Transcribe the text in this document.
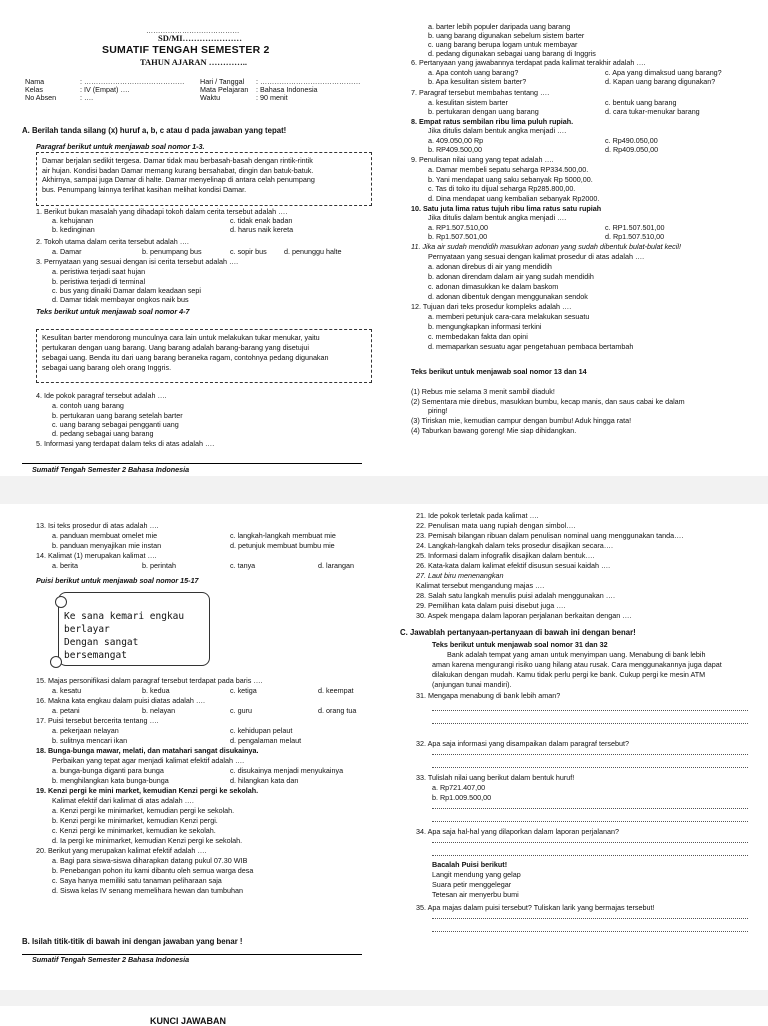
…………………………………
SD/MI…………………
SUMATIF TENGAH SEMESTER 2
TAHUN AJARAN …………..
Nama	: ……………………………………
Kelas	: IV (Empat) ….
No Absen	: ….
Hari / Tanggal : ……………………………………
Mata Pelajaran : Bahasa Indonesia
Waktu	: 90 menit
A. Berilah tanda silang (x) huruf a, b, c atau d pada jawaban yang tepat!
Paragraf berikut untuk menjawab soal nomor 1-3.
Damar berjalan sedikit tergesa. Damar tidak mau berbasah-basah dengan rintik-rintik
air hujan. Kondisi badan Damar memang kurang bersahabat, dingin dan batuk-batuk.
Akhirnya, sampai juga Damar di halte. Damar menyelinap di antara celah penumpang
bus. Penumpang lainnya terlihat kasihan melihat kondisi Damar.
1. Berikut bukan masalah yang dihadapi tokoh dalam cerita tersebut adalah ….
a. kehujanan	c. tidak enak badan
b. kedinginan	d. harus naik kereta
2. Tokoh utama dalam cerita tersebut adalah ….
a. Damar	b. penumpang bus	c. sopir bus d. penunggu halte
3. Pernyataan yang sesuai dengan isi cerita tersebut adalah ….
a. peristiwa terjadi saat hujan
b. peristiwa terjadi di terminal
c. bus yang dinaiki Damar dalam keadaan sepi
d. Damar tidak membayar ongkos naik bus
Teks berikut untuk menjawab soal nomor 4-7
Kesulitan barter mendorong munculnya cara lain untuk melakukan tukar menukar, yaitu
pertukaran dengan uang barang. Uang barang adalah barang-barang yang disetujui
sebagai uang. Benda itu dari uang barang beraneka ragam, contohnya pedang digunakan
sebagai uang barang oleh orang Inggris.
4. Ide pokok paragraf tersebut adalah ….
a. contoh uang barang
b. pertukaran uang barang setelah barter
c. uang barang sebagai pengganti uang
d. pedang sebagai uang barang
5. Informasi yang terdapat dalam teks di atas adalah ….
Sumatif Tengah Semester 2 Bahasa Indonesia
a. barter lebih populer daripada uang barang
b. uang barang digunakan sebelum sistem barter
c. uang barang berupa logam untuk membayar
d. pedang digunakan sebagai uang barang di Inggris
6. Pertanyaan yang jawabannya terdapat pada kalimat terakhir adalah ….
a. Apa contoh uang barang?	c. Apa yang dimaksud uang barang?
b. Apa kesulitan sistem barter?	d. Kapan uang barang digunakan?
7. Paragraf tersebut membahas tentang ….
a. kesulitan sistem barter	c. bentuk uang barang
b. pertukaran dengan uang barang	d. cara tukar-menukar barang
8. Empat ratus sembilan ribu lima puluh rupiah.
Jika ditulis dalam bentuk angka menjadi ….
a. 409.050,00 Rp	c. Rp490.050,00
b. RP409.500,00	d. Rp409.050,00
9. Penulisan nilai uang yang tepat adalah ….
a. Damar membeli sepatu seharga RP334.500,00.
b. Yani mendapat uang saku sebanyak Rp 5000,00.
c. Tas di toko itu dijual seharga Rp285.800,00.
d. Dina mendapat uang kembalian sebanyak Rp2000.
10. Satu juta lima ratus tujuh ribu lima ratus satu rupiah
Jika ditulis dalam bentuk angka menjadi ….
a. RP1.507.510,00	c. RP1.507.501,00
b. Rp1.507.501,00	d. Rp1.507.510,00
11. Jika air sudah mendidih masukkan adonan yang sudah dibentuk bulat-bulat kecil!
Pernyataan yang sesuai dengan kalimat prosedur di atas adalah ….
a. adonan direbus di air yang mendidih
b. adonan direndam dalam air yang sudah mendidih
c. adonan dimasukkan ke dalam baskom
d. adonan dibentuk dengan menggunakan sendok
12. Tujuan dari teks prosedur kompleks adalah ….
a. memberi petunjuk cara-cara melakukan sesuatu
b. mengungkapkan informasi terkini
c. membedakan fakta dan opini
d. memaparkan sesuatu agar pengetahuan pembaca bertambah
Teks berikut untuk menjawab soal nomor 13 dan 14
(1) Rebus mie selama 3 menit sambil diaduk!
(2) Sementara mie direbus, masukkan bumbu, kecap manis, dan saus cabai ke dalam
piring!
(3) Tiriskan mie, kemudian campur dengan bumbu! Aduk hingga rata!
(4) Taburkan bawang goreng! Mie siap dihidangkan.
13. Isi teks prosedur di atas adalah ….
a. panduan membuat omelet mie	c. langkah-langkah membuat mie
b. panduan menyajikan mie instan	d. petunjuk membuat bumbu mie
14. Kalimat (1) merupakan kalimat ….
a. berita	b. perintah	c. tanya	d. larangan
Puisi berikut untuk menjawab soal nomor 15-17
Ke sana kemari engkau
berlayar
Dengan sangat
bersemangat
15. Majas personifikasi dalam paragraf tersebut terdapat pada baris ….
a. kesatu	b. kedua	c. ketiga	d. keempat
16. Makna kata engkau dalam puisi diatas adalah ….
a. petani	b. nelayan	c. guru	d. orang tua
17. Puisi tersebut bercerita tentang ….
a. pekerjaan nelayan	c. kehidupan pelaut
b. sulitnya mencari ikan	d. pengalaman melaut
18. Bunga-bunga mawar, melati, dan matahari sangat disukainya.
Perbaikan yang tepat agar menjadi kalimat efektif adalah ….
a. bunga-bunga diganti para bunga	c. disukainya menjadi menyukainya
b. menghilangkan kata bunga-bunga	d. hilangkan kata dan
19. Kenzi pergi ke mini market, kemudian Kenzi pergi ke sekolah.
Kalimat efektif dari kalimat di atas adalah ….
a. Kenzi pergi ke minimarket, kemudian pergi ke sekolah.
b. Kenzi pergi ke minimarket, kemudian Kenzi pergi.
c. Kenzi pergi ke minimarket, kemudian ke sekolah.
d. Ia pergi ke minimarket, kemudian Kenzi pergi ke sekolah.
20. Berikut yang merupakan kalimat efektif adalah ….
a. Bagi para siswa-siswa diharapkan datang pukul 07.30 WIB
b. Penebangan pohon itu kami dibantu oleh semua warga desa
c. Saya hanya memiliki satu tanaman peliharaan saja
d. Siswa kelas IV senang memelihara hewan dan tumbuhan
B. Isilah titik-titik di bawah ini dengan jawaban yang benar !
Sumatif Tengah Semester 2 Bahasa Indonesia
21. Ide pokok terletak pada kalimat ….
22. Penulisan mata uang rupiah dengan simbol….
23. Pemisah bilangan ribuan dalam penulisan nominal uang menggunakan tanda….
24. Langkah-langkah dalam teks prosedur disajikan secara….
25. Informasi dalam infografik disajikan dalam bentuk….
26. Kata-kata dalam kalimat efektif disusun sesuai kaidah ….
27. Laut biru menenangkan
Kalimat tersebut mengandung majas ….
28. Salah satu langkah menulis puisi adalah menggunakan ….
29. Pemilihan kata dalam puisi disebut juga ….
30. Aspek mengapa dalam laporan perjalanan berkaitan dengan ….
C. Jawablah pertanyaan-pertanyaan di bawah ini dengan benar!
Teks berikut untuk menjawab soal nomor 31 dan 32
Bank adalah tempat yang aman untuk menyimpan uang. Menabung di bank lebih
aman karena mengurangi risiko uang hilang atau rusak. Cara menggunakannya juga dapat
dilakukan dengan mudah. Kamu tidak perlu pergi ke bank. Cukup pergi ke mesin ATM
(anjungan tunai mandiri).
31. Mengapa menabung di bank lebih aman?
32. Apa saja informasi yang disampaikan dalam paragraf tersebut?
33. Tulislah nilai uang berikut dalam bentuk huruf!
a. Rp721.407,00
b. Rp1.009.500,00
34. Apa saja hal-hal yang dilaporkan dalam laporan perjalanan?
Bacalah Puisi berikut!
Langit mendung yang gelap
Suara petir menggelegar
Tetesan air menyerbu bumi
35. Apa majas dalam puisi tersebut? Tuliskan larik yang bermajas tersebut!
KUNCI JAWABAN
